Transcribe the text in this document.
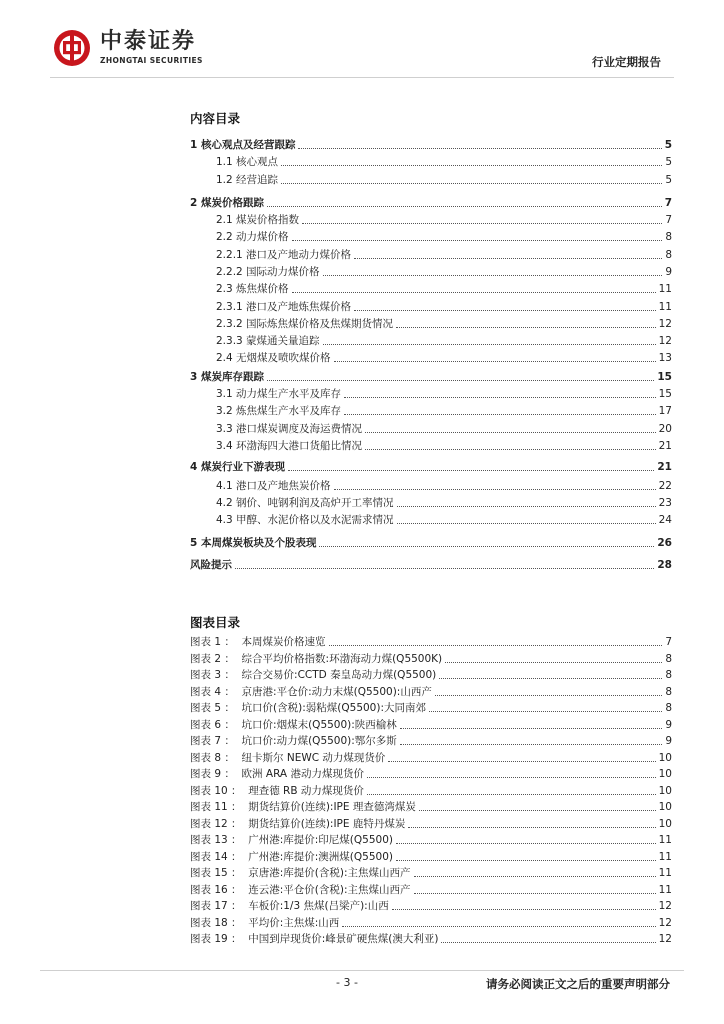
中泰证券
ZHONGTAI SECURITIES	行业定期报告
内容目录
1 核心观点及经营跟踪	5
1.1 核心观点	5
1.2 经营追踪	5
2 煤炭价格跟踪	7
2.1 煤炭价格指数	7
2.2 动力煤价格	8
2.2.1 港口及产地动力煤价格	8
2.2.2 国际动力煤价格	9
2.3 炼焦煤价格	11
2.3.1 港口及产地炼焦煤价格	11
2.3.2 国际炼焦煤价格及焦煤期货情况	12
2.3.3 蒙煤通关量追踪	12
2.4 无烟煤及喷吹煤价格	13
3 煤炭库存跟踪	15
3.1 动力煤生产水平及库存	15
3.2 炼焦煤生产水平及库存	17
3.3 港口煤炭调度及海运费情况	20
3.4 环渤海四大港口货船比情况	21
4 煤炭行业下游表现	21
4.1 港口及产地焦炭价格	22
4.2 钢价、吨钢利润及高炉开工率情况	23
4.3 甲醇、水泥价格以及水泥需求情况	24
5 本周煤炭板块及个股表现	26
风险提示	28
图表目录
图表 1 ： 本周煤炭价格速览	7
图表 2 ： 综合平均价格指数:环渤海动力煤(Q5500K)	8
图表 3 ： 综合交易价:CCTD 秦皇岛动力煤(Q5500)	8
图表 4 ： 京唐港:平仓价:动力末煤(Q5500):山西产	8
图表 5 ： 坑口价(含税):弱粘煤(Q5500):大同南郊	8
图表 6 ： 坑口价:烟煤末(Q5500):陕西榆林	9
图表 7 ： 坑口价:动力煤(Q5500):鄂尔多斯	9
图表 8 ： 纽卡斯尔 NEWC 动力煤现货价	10
图表 9 ： 欧洲 ARA 港动力煤现货价	10
图表 10 ： 理查德 RB 动力煤现货价	10
图表 11 ： 期货结算价(连续):IPE 理查德湾煤炭	10
图表 12 ： 期货结算价(连续):IPE 鹿特丹煤炭	10
图表 13 ： 广州港:库提价:印尼煤(Q5500)	11
图表 14 ： 广州港:库提价:澳洲煤(Q5500)	11
图表 15 ： 京唐港:库提价(含税):主焦煤山西产	11
图表 16 ： 连云港:平仓价(含税):主焦煤山西产	11
图表 17 ： 车板价:1/3 焦煤(吕梁产):山西	12
图表 18 ： 平均价:主焦煤:山西	12
图表 19 ： 中国到岸现货价:峰景矿硬焦煤(澳大利亚)	12
- 3 -	请务必阅读正文之后的重要声明部分
